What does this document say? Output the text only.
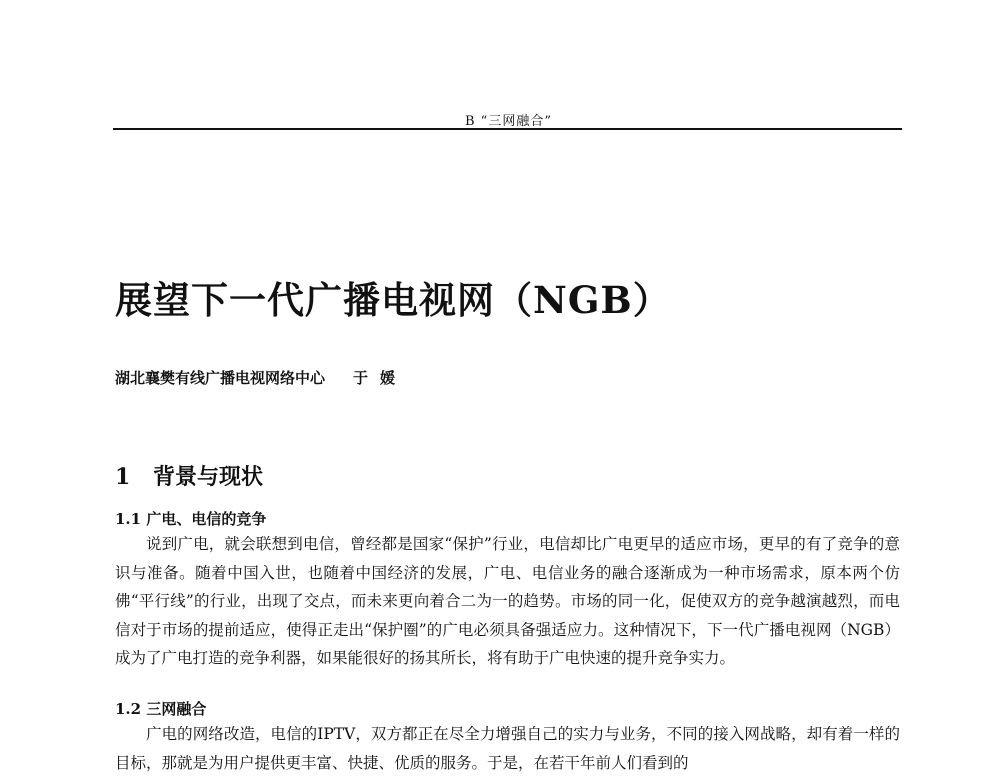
B “三网融合”
展望下一代广播电视网（NGB）
湖北襄樊有线广播电视网络中心 于媛
1 背景与现状
1.1 广电、电信的竞争

说到广电，就会联想到电信，曾经都是国家“保护”行业，电信却比广电更早的适应市场，更早的有了竞争的意识与准备。随着中国入世，也随着中国经济的发展，广电、电信业务的融合逐渐成为一种市场需求，原本两个仿佛“平行线”的行业，出现了交点，而未来更向着合二为一的趋势。市场的同一化，促使双方的竞争越演越烈，而电信对于市场的提前适应，使得正走出“保护圈”的广电必须具备强适应力。这种情况下，下一代广播电视网（NGB）成为了广电打造的竞争利器，如果能很好的扬其所长，将有助于广电快速的提升竞争实力。

1.2 三网融合

广电的网络改造，电信的IPTV，双方都正在尽全力增强自己的实力与业务，不同的接入网战略，却有着一样的目标，那就是为用户提供更丰富、快捷、优质的服务。于是，在若干年前人们看到的
